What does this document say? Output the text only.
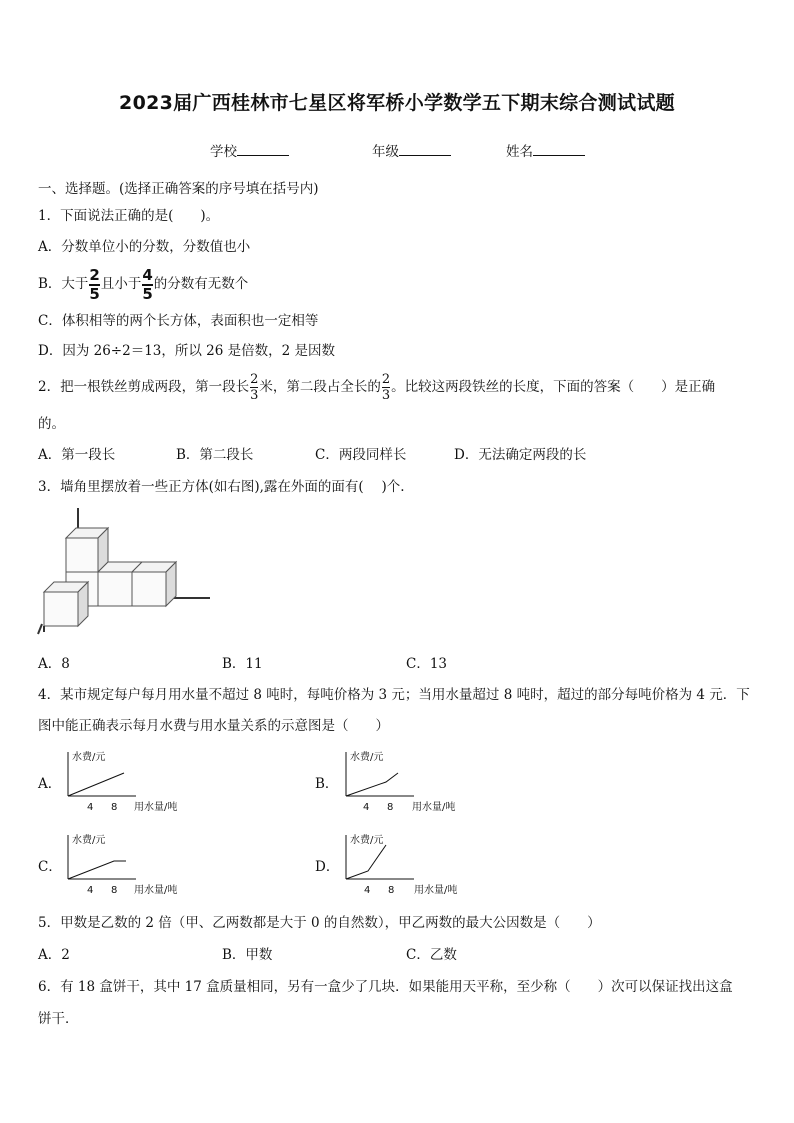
2023届广西桂林市七星区将军桥小学数学五下期末综合测试试题
学校	年级	姓名
一、选择题。(选择正确答案的序号填在括号内)
1．下面说法正确的是(　　)。
A．分数单位小的分数，分数值也小
B．大于 $\frac{2}{5}$ 且小于 $\frac{4}{5}$ 的分数有无数个
C．体积相等的两个长方体，表面积也一定相等
D．因为 26÷2＝13，所以 26 是倍数，2 是因数
2．把一根铁丝剪成两段，第一段长 $\frac{2}{3}$ 米，第二段占全长的 $\frac{2}{3}$ 。比较这两段铁丝的长度，下面的答案（　　）是正确
的。
A．第一段长	B．第二段长	C．两段同样长	D．无法确定两段的长
3．墙角里摆放着一些正方体(如右图),露在外面的面有(　 )个.
A．8	B．11	C．13
4．某市规定每户每月用水量不超过 8 吨时，每吨价格为 3 元；当用水量超过 8 吨时，超过的部分每吨价格为 4 元．下
图中能正确表示每月水费与用水量关系的示意图是（　　）
A．	B．
C．	D．
水费/元
4 8 用水量/吨
水费/元
4 8 用水量/吨
水费/元
4 8 用水量/吨
水费/元
4 8 用水量/吨
5．甲数是乙数的 2 倍（甲、乙两数都是大于 0 的自然数），甲乙两数的最大公因数是（　　）
A．2	B．甲数	C．乙数
6．有 18 盒饼干，其中 17 盒质量相同，另有一盒少了几块．如果能用天平称，至少称（　　）次可以保证找出这盒
饼干．
